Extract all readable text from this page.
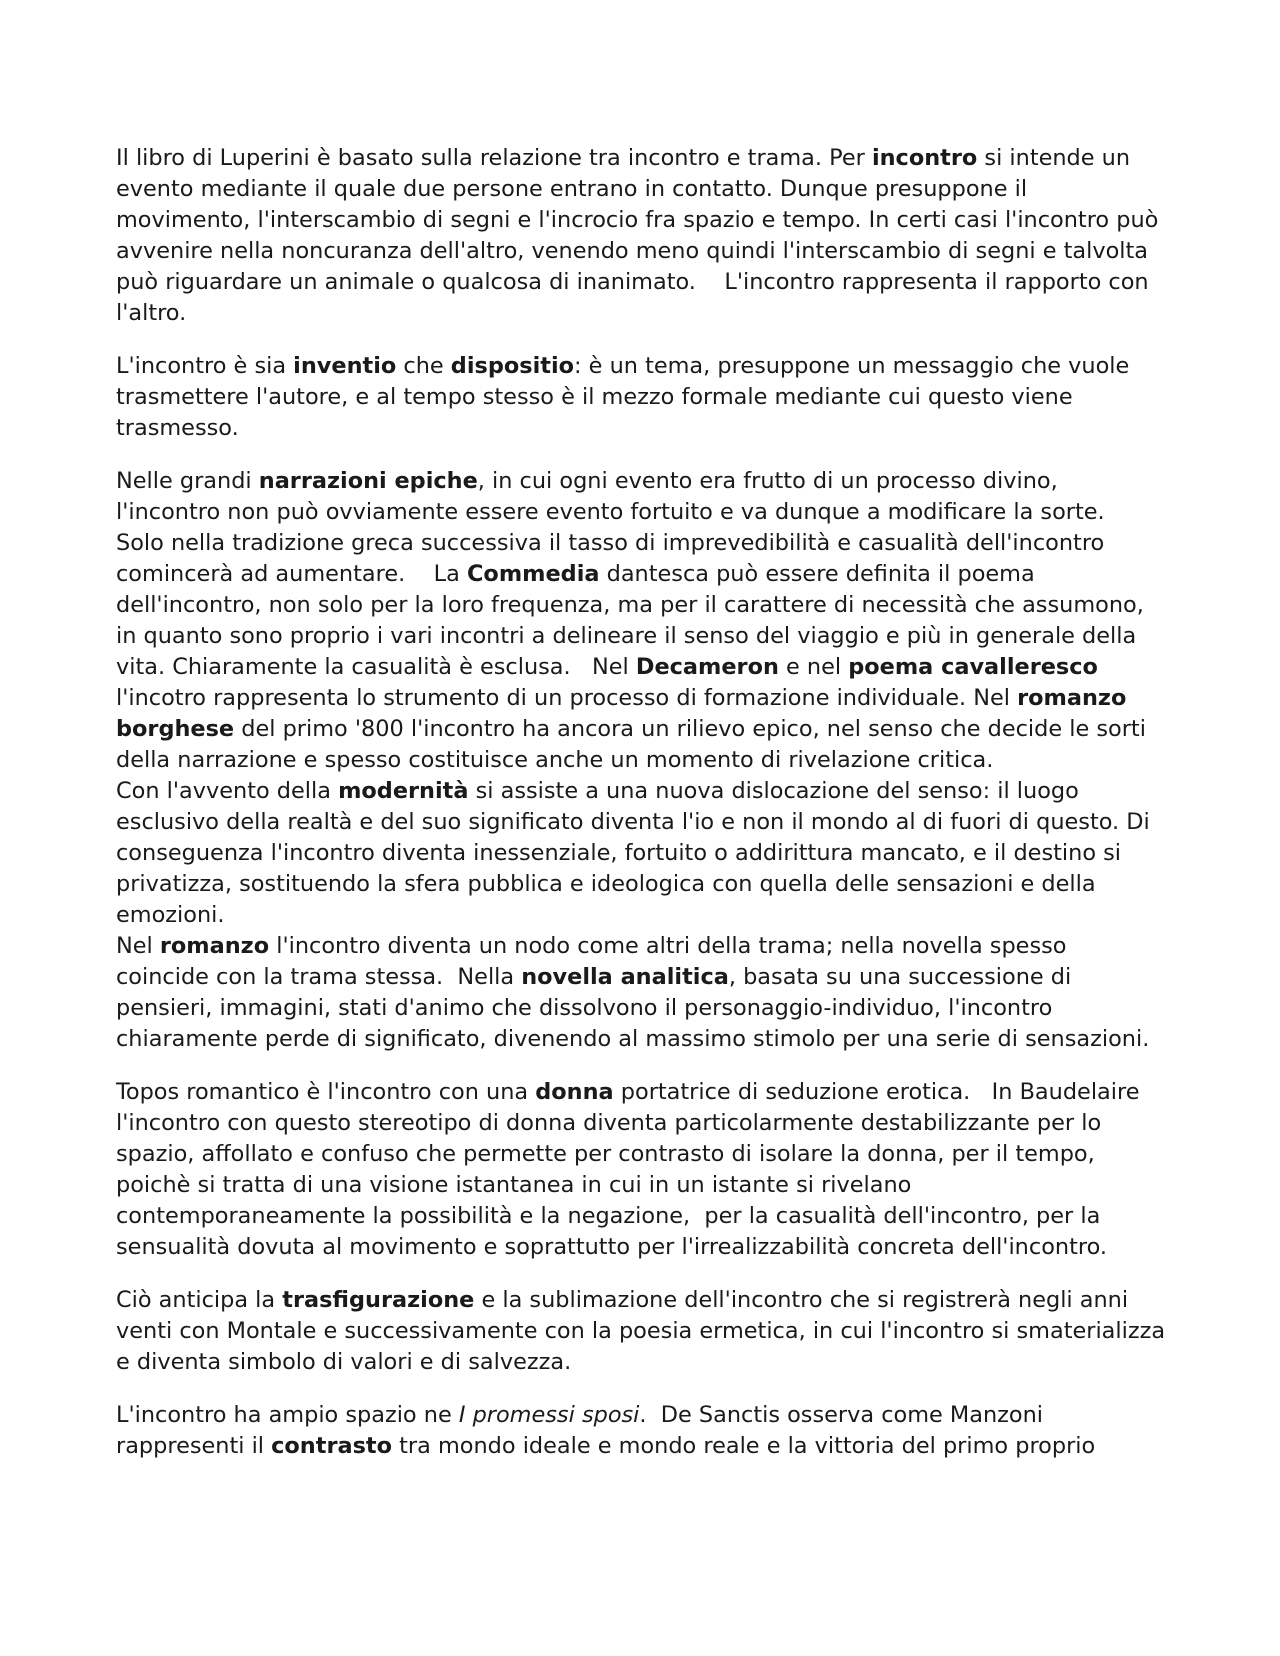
Il libro di Luperini è basato sulla relazione tra incontro e trama. Per incontro si intende un evento mediante il quale due persone entrano in contatto. Dunque presuppone il movimento, l'interscambio di segni e l'incrocio fra spazio e tempo. In certi casi l'incontro può avvenire nella noncuranza dell'altro, venendo meno quindi l'interscambio di segni e talvolta può riguardare un animale o qualcosa di inanimato.    L'incontro rappresenta il rapporto con l'altro.

L'incontro è sia inventio che dispositio: è un tema, presuppone un messaggio che vuole trasmettere l'autore, e al tempo stesso è il mezzo formale mediante cui questo viene trasmesso.

Nelle grandi narrazioni epiche, in cui ogni evento era frutto di un processo divino, l'incontro non può ovviamente essere evento fortuito e va dunque a modificare la sorte.  Solo nella tradizione greca successiva il tasso di imprevedibilità e casualità dell'incontro comincerà ad aumentare.    La Commedia dantesca può essere definita il poema dell'incontro, non solo per la loro frequenza, ma per il carattere di necessità che assumono, in quanto sono proprio i vari incontri a delineare il senso del viaggio e più in generale della vita. Chiaramente la casualità è esclusa.   Nel Decameron e nel poema cavalleresco l'incotro rappresenta lo strumento di un processo di formazione individuale. Nel romanzo borghese del primo '800 l'incontro ha ancora un rilievo epico, nel senso che decide le sorti della narrazione e spesso costituisce anche un momento di rivelazione critica.                           Con l'avvento della modernità si assiste a una nuova dislocazione del senso: il luogo esclusivo della realtà e del suo significato diventa l'io e non il mondo al di fuori di questo. Di conseguenza l'incontro diventa inessenziale, fortuito o addirittura mancato, e il destino si privatizza, sostituendo la sfera pubblica e ideologica con quella delle sensazioni e della emozioni.

Nel romanzo l'incontro diventa un nodo come altri della trama; nella novella spesso coincide con la trama stessa.  Nella novella analitica, basata su una successione di pensieri, immagini, stati d'animo che dissolvono il personaggio-individuo, l'incontro chiaramente perde di significato, divenendo al massimo stimolo per una serie di sensazioni.

Topos romantico è l'incontro con una donna portatrice di seduzione erotica.   In Baudelaire l'incontro con questo stereotipo di donna diventa particolarmente destabilizzante per lo spazio, affollato e confuso che permette per contrasto di isolare la donna, per il tempo, poichè si tratta di una visione istantanea in cui in un istante si rivelano contemporaneamente la possibilità e la negazione,  per la casualità dell'incontro, per la sensualità dovuta al movimento e soprattutto per l'irrealizzabilità concreta dell'incontro.

Ciò anticipa la trasfigurazione e la sublimazione dell'incontro che si registrerà negli anni venti con Montale e successivamente con la poesia ermetica, in cui l'incontro si smaterializza e diventa simbolo di valori e di salvezza.

L'incontro ha ampio spazio ne I promessi sposi.  De Sanctis osserva come Manzoni rappresenti il contrasto tra mondo ideale e mondo reale e la vittoria del primo proprio
